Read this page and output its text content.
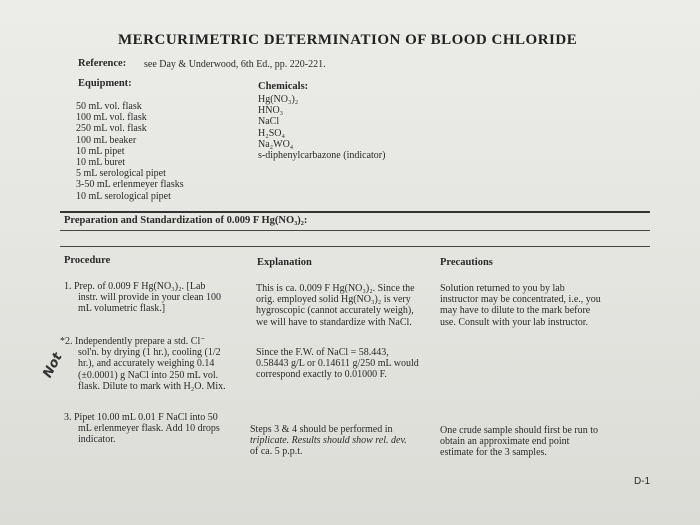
MERCURIMETRIC DETERMINATION OF BLOOD CHLORIDE
Reference: see Day & Underwood, 6th Ed., pp. 220-221.
Equipment:
50 mL vol. flask
100 mL vol. flask
250 mL vol. flask
100 mL beaker
10 mL pipet
10 mL buret
5 mL serological pipet
3-50 mL erlenmeyer flasks
10 mL serological pipet
Chemicals:
Hg(NO₃)₂
HNO₃
NaCl
H₂SO₄
Na₂WO₄
s-diphenylcarbazone (indicator)
Preparation and Standardization of 0.009 F Hg(NO₃)₂:
Procedure	Explanation	Precautions
1. Prep. of 0.009 F Hg(NO₃)₂. [Lab
instr. will provide in your clean 100
mL volumetric flask.]
This is ca. 0.009 F Hg(NO₃)₂. Since the
orig. employed solid Hg(NO₃)₂ is very
hygroscopic (cannot accurately weigh),
we will have to standardize with NaCl.
Solution returned to you by lab
instructor may be concentrated, i.e., you
may have to dilute to the mark before
use. Consult with your lab instructor.
*2. Independently prepare a std. Cl⁻
sol'n. by drying (1 hr.), cooling (1/2
hr.), and accurately weighing 0.14
(±0.0001) g NaCl into 250 mL vol.
flask. Dilute to mark with H₂O. Mix.
Since the F.W. of NaCl = 58.443,
0.58443 g/L or 0.14611 g/250 mL would
correspond exactly to 0.01000 F.
Not
3. Pipet 10.00 mL 0.01 F NaCl into 50
mL erlenmeyer flask. Add 10 drops
indicator.
Steps 3 & 4 should be performed in
triplicate. Results should show rel. dev.
of ca. 5 p.p.t.
One crude sample should first be run to
obtain an approximate end point
estimate for the 3 samples.
D-1
